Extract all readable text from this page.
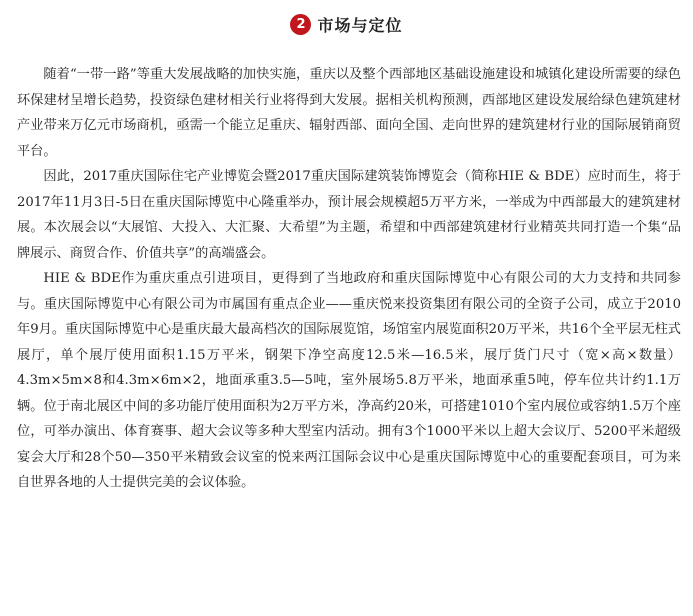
2 市场与定位

随着“一带一路”等重大发展战略的加快实施，重庆以及整个西部地区基础设施建设和城镇化建设所需要的绿色环保建材呈增长趋势，投资绿色建材相关行业将得到大发展。据相关机构预测，西部地区建设发展给绿色建筑建材产业带来万亿元市场商机，亟需一个能立足重庆、辐射西部、面向全国、走向世界的建筑建材行业的国际展销商贸平台。

因此，2017重庆国际住宅产业博览会暨2017重庆国际建筑装饰博览会（简称HIE & BDE）应时而生，将于2017年11月3日-5日在重庆国际博览中心隆重举办，预计展会规模超5万平方米，一举成为中西部最大的建筑建材展。本次展会以“大展馆、大投入、大汇聚、大希望”为主题，希望和中西部建筑建材行业精英共同打造一个集“品牌展示、商贸合作、价值共享”的高端盛会。

HIE & BDE作为重庆重点引进项目，更得到了当地政府和重庆国际博览中心有限公司的大力支持和共同参与。重庆国际博览中心有限公司为市属国有重点企业——重庆悦来投资集团有限公司的全资子公司，成立于2010年9月。重庆国际博览中心是重庆最大最高档次的国际展览馆，场馆室内展览面积20万平米，共16个全平层无柱式展厅，单个展厅使用面积1.15万平米，钢架下净空高度12.5米—16.5米，展厅货门尺寸（宽×高×数量）4.3m×5m×8和4.3m×6m×2，地面承重3.5—5吨，室外展场5.8万平米，地面承重5吨，停车位共计约1.1万辆。位于南北展区中间的多功能厅使用面积为2万平方米，净高约20米，可搭建1010个室内展位或容纳1.5万个座位，可举办演出、体育赛事、超大会议等多种大型室内活动。拥有3个1000平米以上超大会议厅、5200平米超级宴会大厅和28个50—350平米精致会议室的悦来两江国际会议中心是重庆国际博览中心的重要配套项目，可为来自世界各地的人士提供完美的会议体验。
